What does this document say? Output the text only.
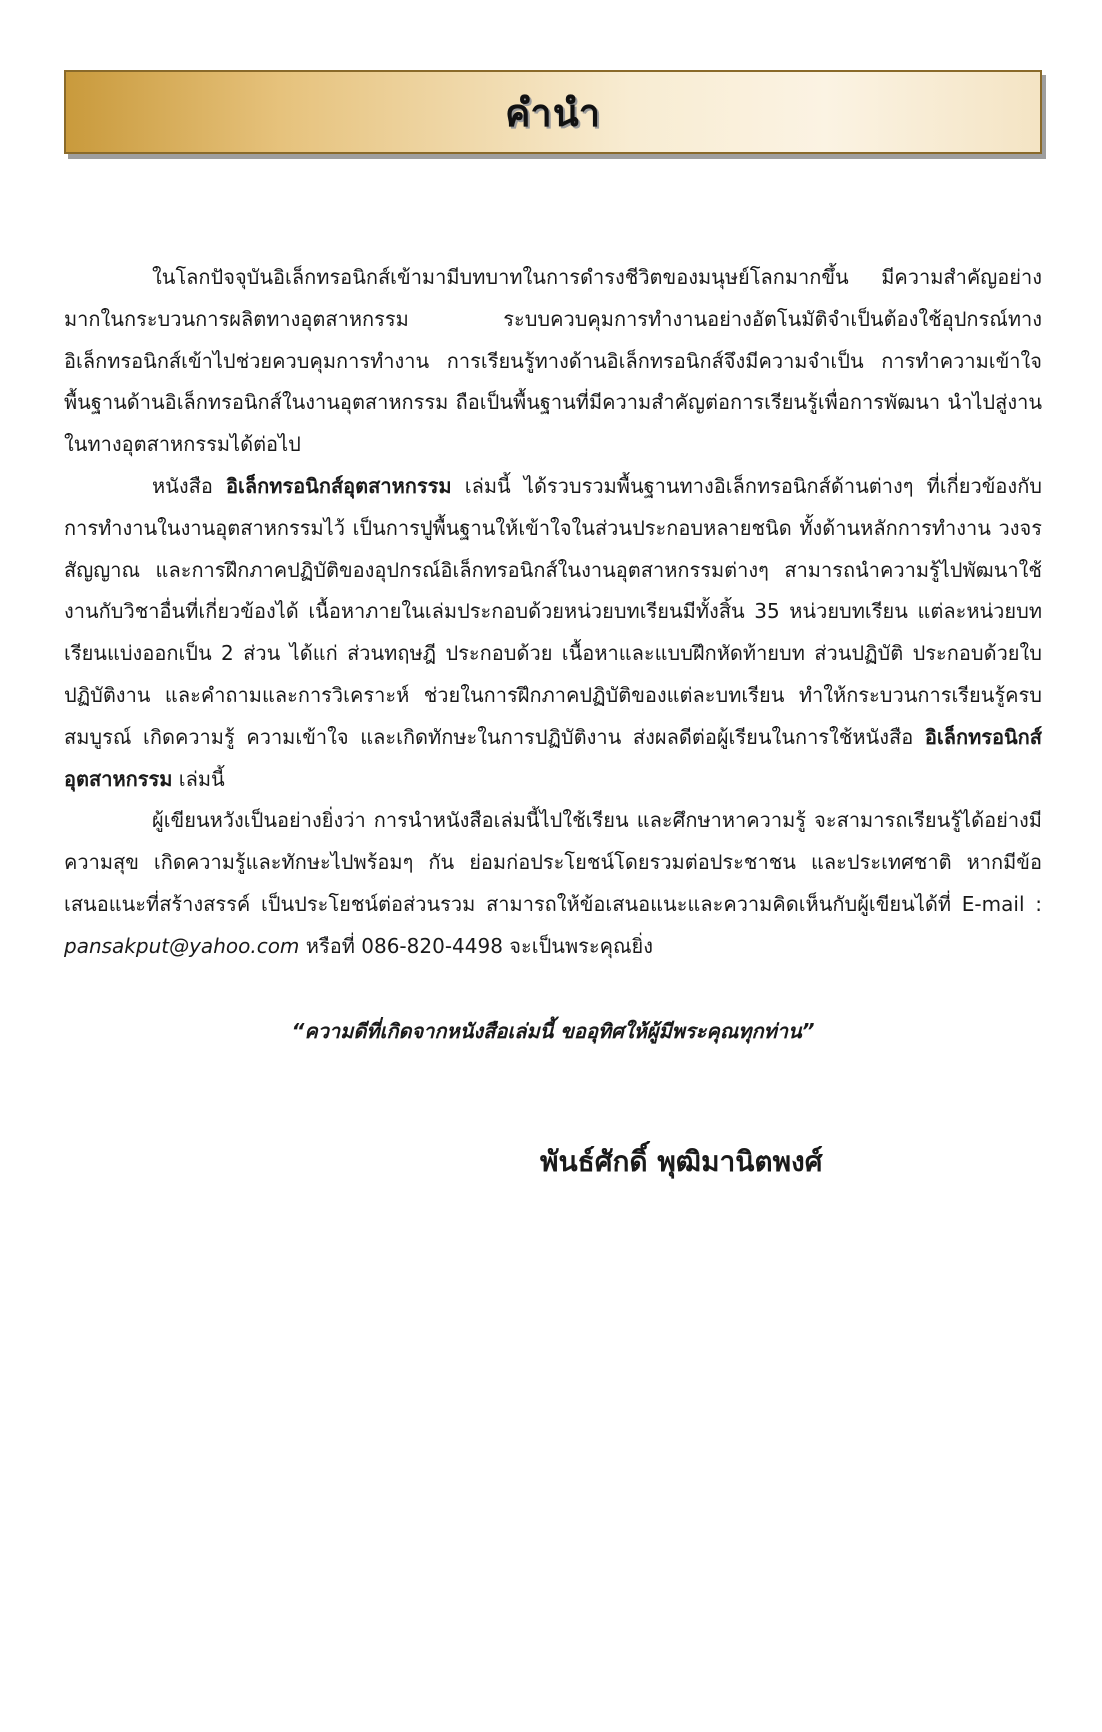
คำนำ

ในโลกปัจจุบันอิเล็กทรอนิกส์เข้ามามีบทบาทในการดำรงชีวิตของมนุษย์โลกมากขึ้น มีความสำคัญอย่างมากในกระบวนการผลิตทางอุตสาหกรรม ระบบควบคุมการทำงานอย่างอัตโนมัติจำเป็นต้องใช้อุปกรณ์ทางอิเล็กทรอนิกส์เข้าไปช่วยควบคุมการทำงาน การเรียนรู้ทางด้านอิเล็กทรอนิกส์จึงมีความจำเป็น การทำความเข้าใจพื้นฐานด้านอิเล็กทรอนิกส์ในงานอุตสาหกรรม ถือเป็นพื้นฐานที่มีความสำคัญต่อการเรียนรู้เพื่อการพัฒนา นำไปสู่งานในทางอุตสาหกรรมได้ต่อไป

หนังสือ อิเล็กทรอนิกส์อุตสาหกรรม เล่มนี้ ได้รวบรวมพื้นฐานทางอิเล็กทรอนิกส์ด้านต่างๆ ที่เกี่ยวข้องกับการทำงานในงานอุตสาหกรรมไว้ เป็นการปูพื้นฐานให้เข้าใจในส่วนประกอบหลายชนิด ทั้งด้านหลักการทำงาน วงจร สัญญาณ และการฝึกภาคปฏิบัติของอุปกรณ์อิเล็กทรอนิกส์ในงานอุตสาหกรรมต่างๆ สามารถนำความรู้ไปพัฒนาใช้งานกับวิชาอื่นที่เกี่ยวข้องได้ เนื้อหาภายในเล่มประกอบด้วยหน่วยบทเรียนมีทั้งสิ้น 35 หน่วยบทเรียน แต่ละหน่วยบทเรียนแบ่งออกเป็น 2 ส่วน ได้แก่ ส่วนทฤษฎี ประกอบด้วย เนื้อหาและแบบฝึกหัดท้ายบท ส่วนปฏิบัติ ประกอบด้วยใบปฏิบัติงาน และคำถามและการวิเคราะห์ ช่วยในการฝึกภาคปฏิบัติของแต่ละบทเรียน ทำให้กระบวนการเรียนรู้ครบสมบูรณ์ เกิดความรู้ ความเข้าใจ และเกิดทักษะในการปฏิบัติงาน ส่งผลดีต่อผู้เรียนในการใช้หนังสือ อิเล็กทรอนิกส์อุตสาหกรรม เล่มนี้

ผู้เขียนหวังเป็นอย่างยิ่งว่า การนำหนังสือเล่มนี้ไปใช้เรียน และศึกษาหาความรู้ จะสามารถเรียนรู้ได้อย่างมีความสุข เกิดความรู้และทักษะไปพร้อมๆ กัน ย่อมก่อประโยชน์โดยรวมต่อประชาชน และประเทศชาติ หากมีข้อเสนอแนะที่สร้างสรรค์ เป็นประโยชน์ต่อส่วนรวม สามารถให้ข้อเสนอแนะและความคิดเห็นกับผู้เขียนได้ที่ E-mail : pansakput@yahoo.com หรือที่ 086-820-4498 จะเป็นพระคุณยิ่ง

“ความดีที่เกิดจากหนังสือเล่มนี้ ขออุทิศให้ผู้มีพระคุณทุกท่าน”
พันธ์ศักดิ์ พุฒิมานิตพงศ์
